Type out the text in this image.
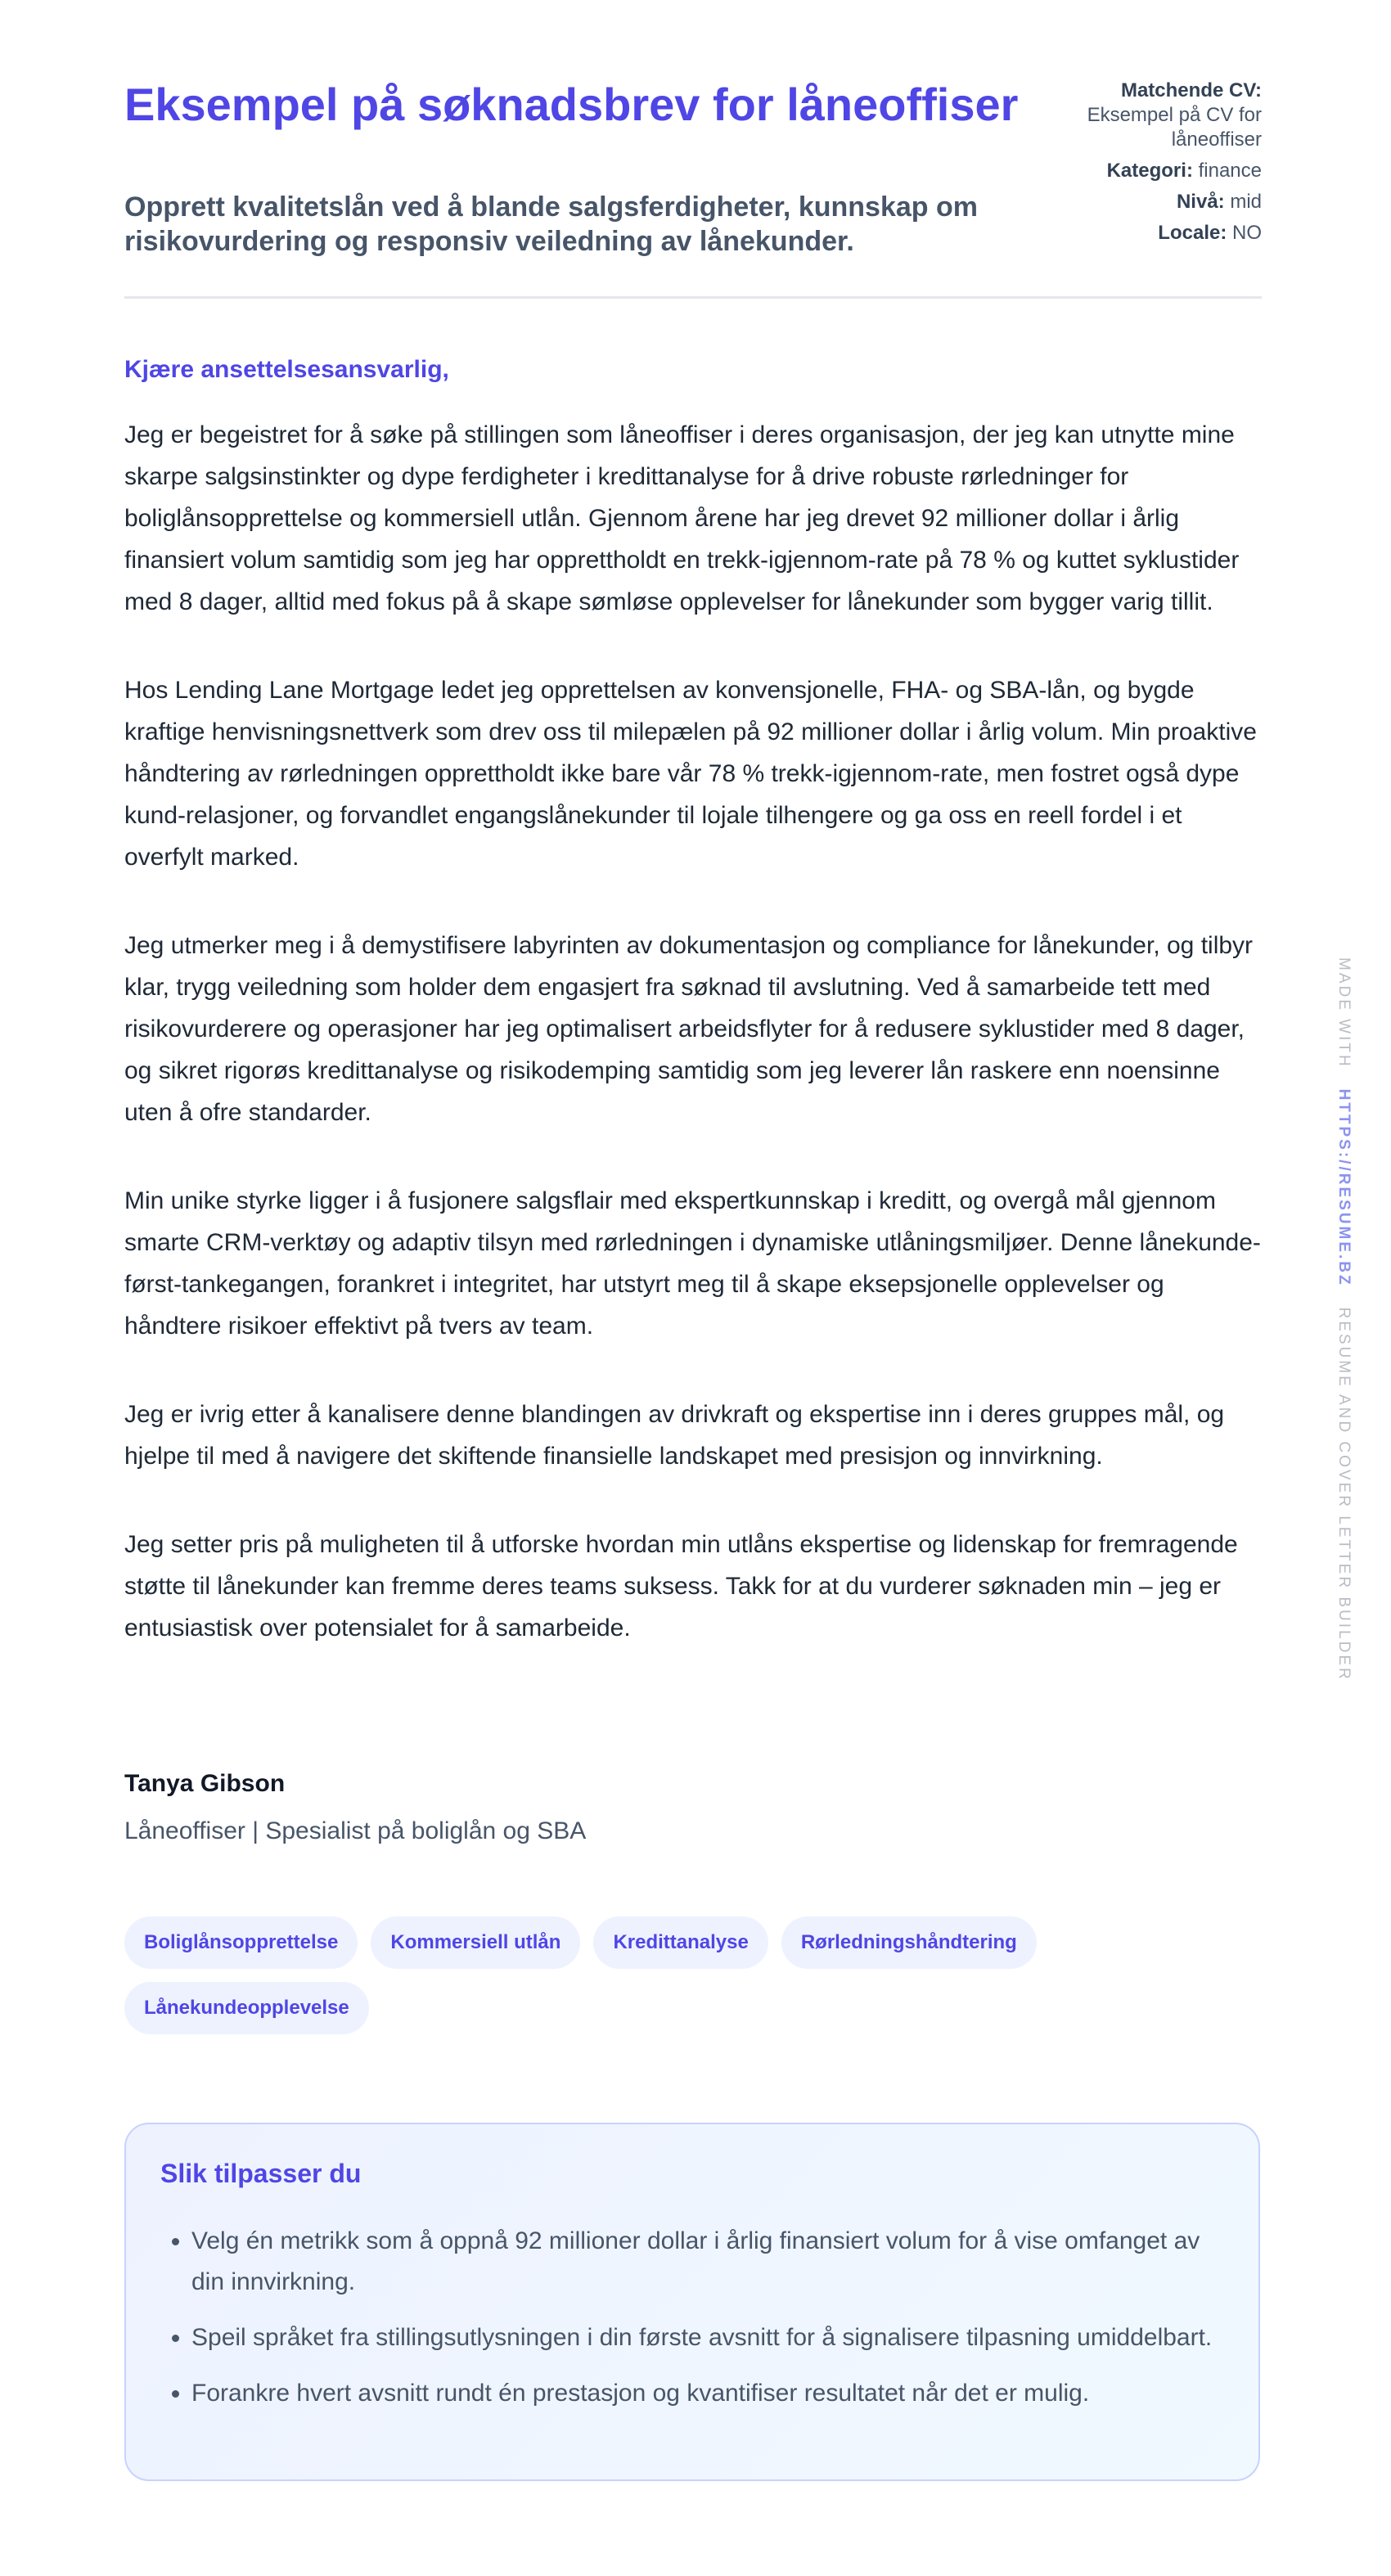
Eksempel på søknadsbrev for låneoffiser

Opprett kvalitetslån ved å blande salgsferdigheter, kunnskap om risikovurdering og responsiv veiledning av lånekunder.

Matchende CV:
Eksempel på CV for låneoffiser
Kategori: finance
Nivå: mid
Locale: NO

Kjære ansettelsesansvarlig,

Jeg er begeistret for å søke på stillingen som låneoffiser i deres organisasjon, der jeg kan utnytte mine skarpe salgsinstinkter og dype ferdigheter i kredittanalyse for å drive robuste rørledninger for boliglånsopprettelse og kommersiell utlån. Gjennom årene har jeg drevet 92 millioner dollar i årlig finansiert volum samtidig som jeg har opprettholdt en trekk-igjennom-rate på 78 % og kuttet syklustider med 8 dager, alltid med fokus på å skape sømløse opplevelser for lånekunder som bygger varig tillit.

Hos Lending Lane Mortgage ledet jeg opprettelsen av konvensjonelle, FHA- og SBA-lån, og bygde kraftige henvisningsnettverk som drev oss til milepælen på 92 millioner dollar i årlig volum. Min proaktive håndtering av rørledningen opprettholdt ikke bare vår 78 % trekk-igjennom-rate, men fostret også dype kund-relasjoner, og forvandlet engangslånekunder til lojale tilhengere og ga oss en reell fordel i et overfylt marked.

Jeg utmerker meg i å demystifisere labyrinten av dokumentasjon og compliance for lånekunder, og tilbyr klar, trygg veiledning som holder dem engasjert fra søknad til avslutning. Ved å samarbeide tett med risikovurderere og operasjoner har jeg optimalisert arbeidsflyter for å redusere syklustider med 8 dager, og sikret rigorøs kredittanalyse og risikodemping samtidig som jeg leverer lån raskere enn noensinne uten å ofre standarder.

Min unike styrke ligger i å fusjonere salgsflair med ekspertkunnskap i kreditt, og overgå mål gjennom smarte CRM-verktøy og adaptiv tilsyn med rørledningen i dynamiske utlåningsmiljøer. Denne lånekunde-først-tankegangen, forankret i integritet, har utstyrt meg til å skape eksepsjonelle opplevelser og håndtere risikoer effektivt på tvers av team.

Jeg er ivrig etter å kanalisere denne blandingen av drivkraft og ekspertise inn i deres gruppes mål, og hjelpe til med å navigere det skiftende finansielle landskapet med presisjon og innvirkning.

Jeg setter pris på muligheten til å utforske hvordan min utlåns ekspertise og lidenskap for fremragende støtte til lånekunder kan fremme deres teams suksess. Takk for at du vurderer søknaden min – jeg er entusiastisk over potensialet for å samarbeide.

Tanya Gibson
Låneoffiser | Spesialist på boliglån og SBA
Boliglånsopprettelse	Kommersiell utlån	Kredittanalyse	Rørledningshåndtering
Lånekundeopplevelse
Slik tilpasser du
• Velg én metrikk som å oppnå 92 millioner dollar i årlig finansiert volum for å vise omfanget av din innvirkning.
• Speil språket fra stillingsutlysningen i din første avsnitt for å signalisere tilpasning umiddelbart.
• Forankre hvert avsnitt rundt én prestasjon og kvantifiser resultatet når det er mulig.
MADE WITH   HTTPS://RESUME.BZ   RESUME AND COVER LETTER BUILDER
